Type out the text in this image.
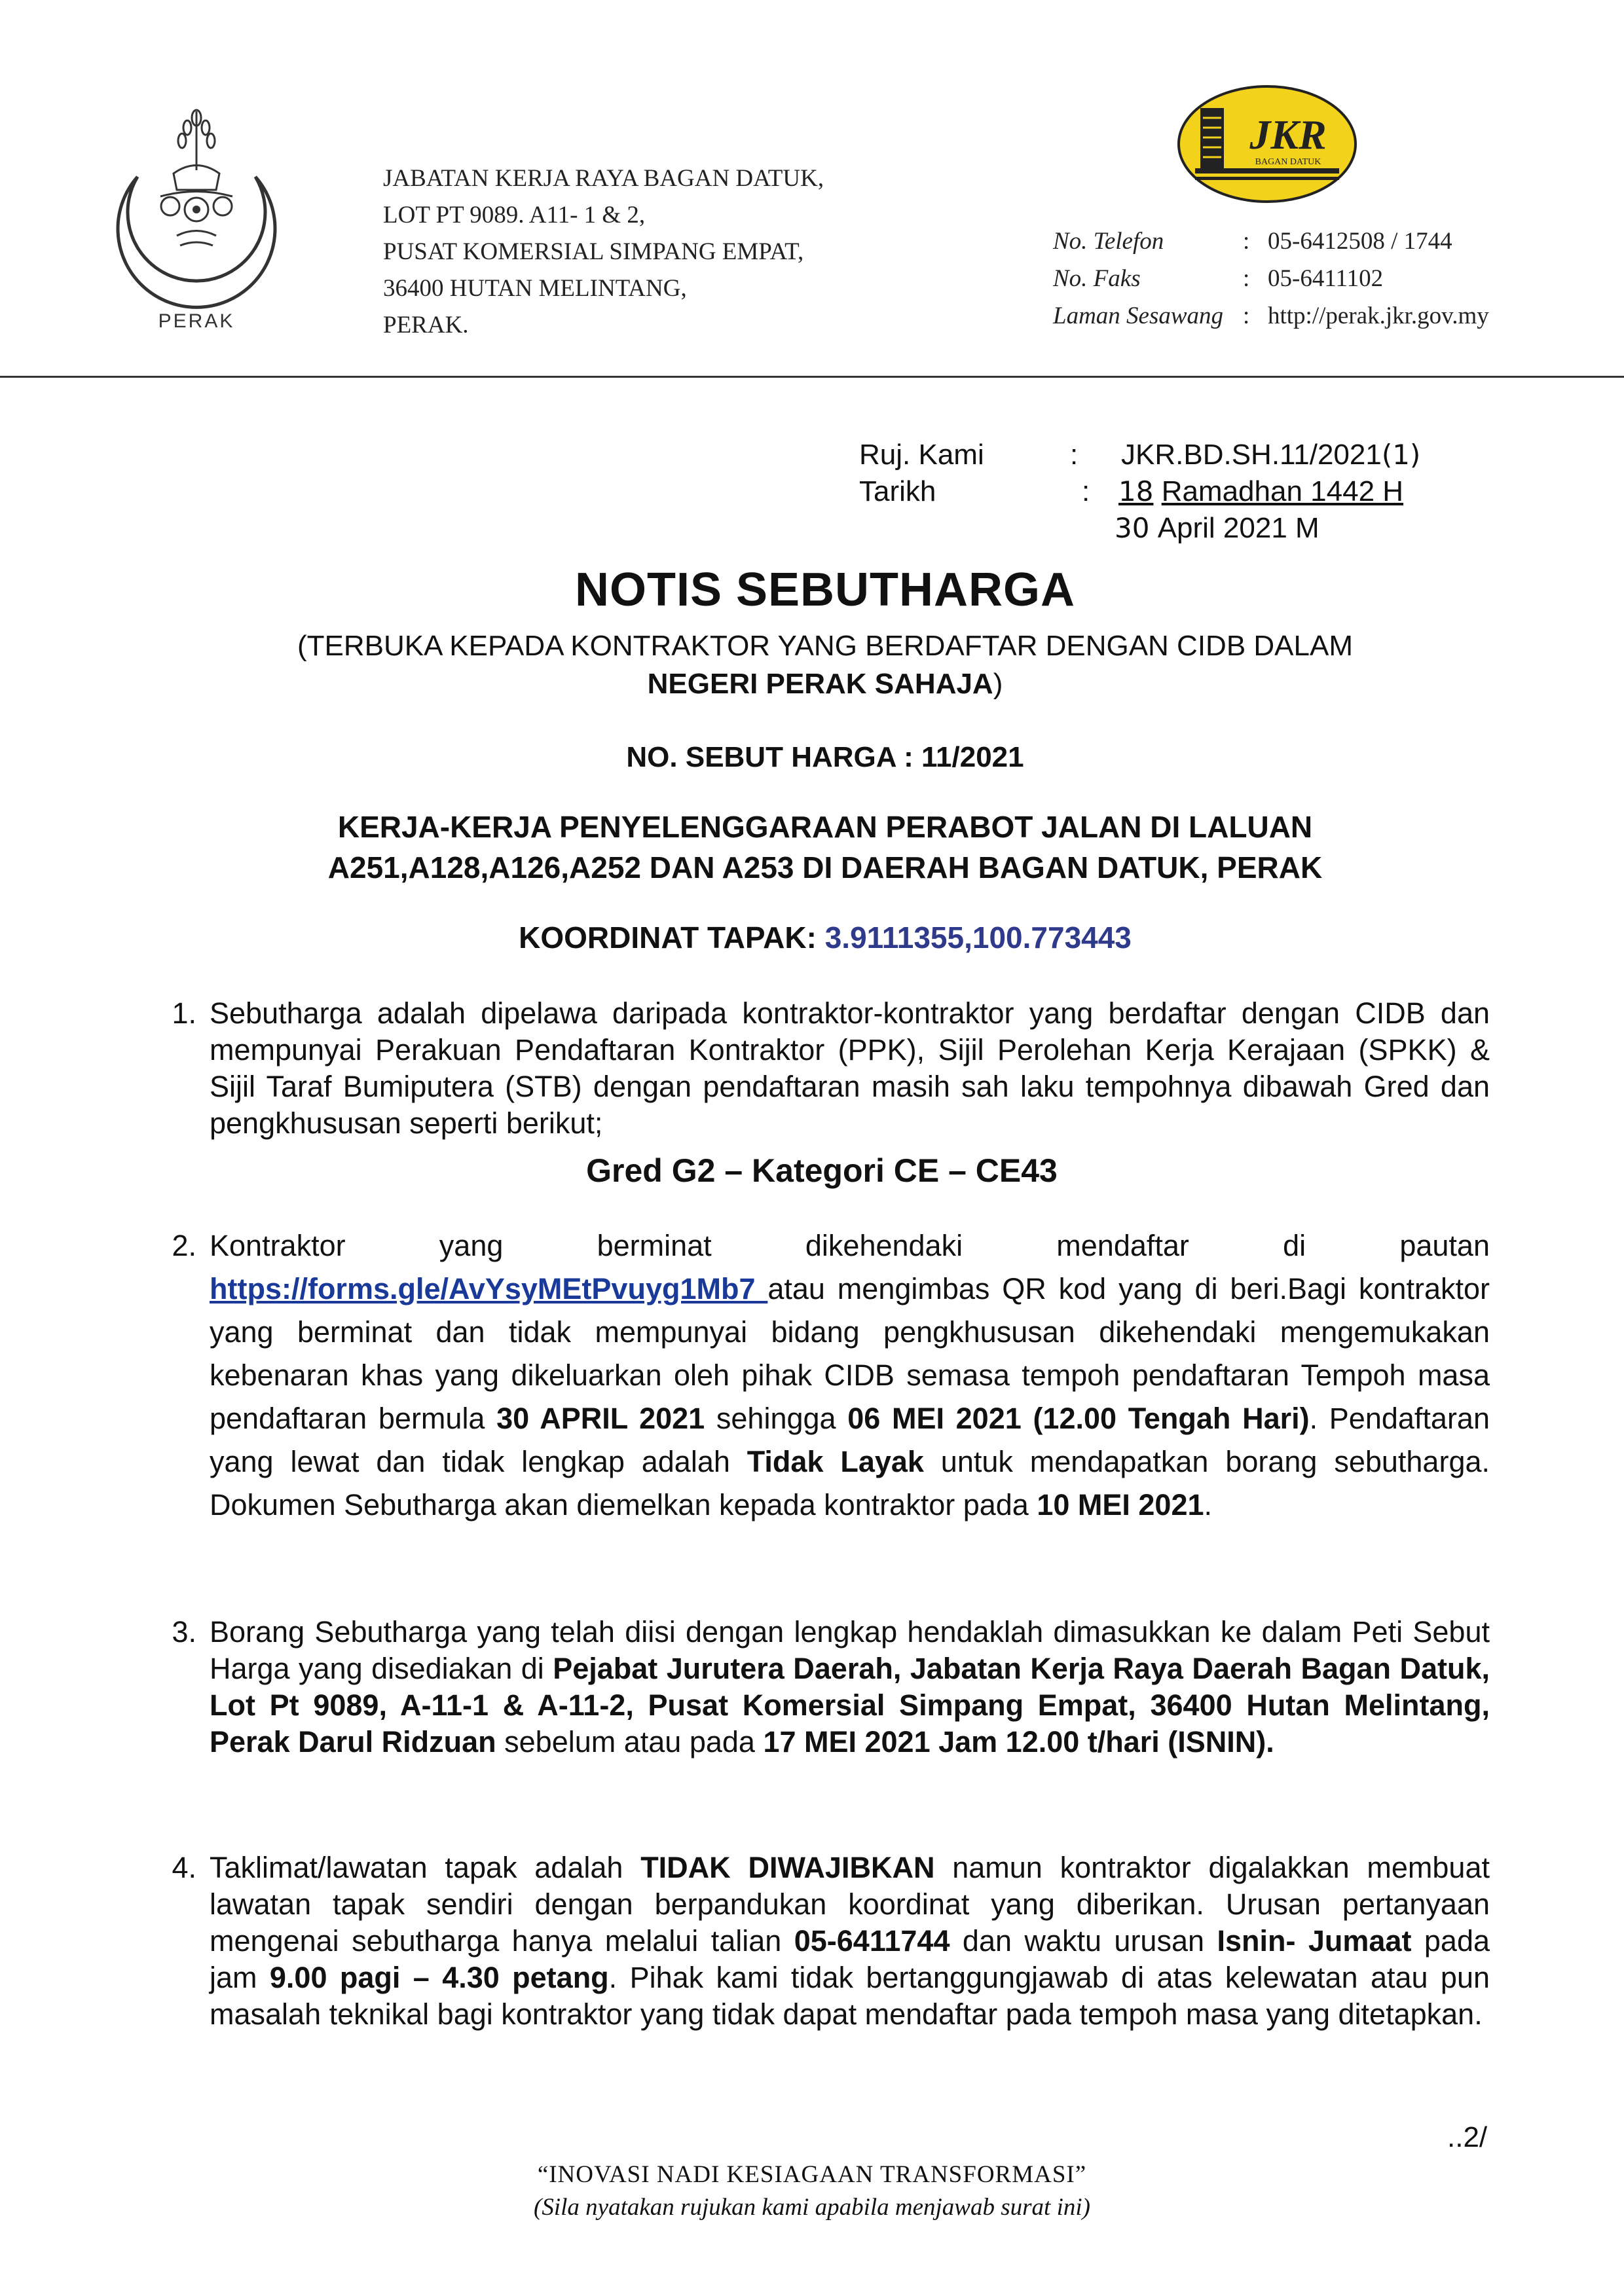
PERAK
JABATAN KERJA RAYA BAGAN DATUK,
LOT PT 9089. A11- 1 & 2,
PUSAT KOMERSIAL SIMPANG EMPAT,
36400 HUTAN MELINTANG,
PERAK.
JKR
BAGAN DATUK
No. Telefon	: 05-6412508 / 1744
No. Faks	: 05-6411102
Laman Sesawang : http://perak.jkr.gov.my
Ruj. Kami	: JKR.BD.SH.11/2021(1)
Tarikh	: 18 Ramadhan 1442 H
30 April 2021 M
NOTIS SEBUTHARGA
(TERBUKA KEPADA KONTRAKTOR YANG BERDAFTAR DENGAN CIDB DALAM
NEGERI PERAK SAHAJA)
NO. SEBUT HARGA : 11/2021
KERJA-KERJA PENYELENGGARAAN PERABOT JALAN DI LALUAN
A251,A128,A126,A252 DAN A253 DI DAERAH BAGAN DATUK, PERAK
KOORDINAT TAPAK: 3.9111355,100.773443
1. Sebutharga adalah dipelawa daripada kontraktor-kontraktor yang berdaftar dengan CIDB dan mempunyai Perakuan Pendaftaran Kontraktor (PPK), Sijil Perolehan Kerja Kerajaan (SPKK) & Sijil Taraf Bumiputera (STB) dengan pendaftaran masih sah laku tempohnya dibawah Gred dan pengkhususan seperti berikut;
Gred G2 – Kategori CE – CE43
2. Kontraktor yang berminat dikehendaki mendaftar di pautan https://forms.gle/AvYsyMEtPvuyg1Mb7 atau mengimbas QR kod yang di beri.Bagi kontraktor yang berminat dan tidak mempunyai bidang pengkhususan dikehendaki mengemukakan kebenaran khas yang dikeluarkan oleh pihak CIDB semasa tempoh pendaftaran Tempoh masa pendaftaran bermula 30 APRIL 2021 sehingga 06 MEI 2021 (12.00 Tengah Hari). Pendaftaran yang lewat dan tidak lengkap adalah Tidak Layak untuk mendapatkan borang sebutharga. Dokumen Sebutharga akan diemelkan kepada kontraktor pada 10 MEI 2021.
3. Borang Sebutharga yang telah diisi dengan lengkap hendaklah dimasukkan ke dalam Peti Sebut Harga yang disediakan di Pejabat Jurutera Daerah, Jabatan Kerja Raya Daerah Bagan Datuk, Lot Pt 9089, A-11-1 & A-11-2, Pusat Komersial Simpang Empat, 36400 Hutan Melintang, Perak Darul Ridzuan sebelum atau pada 17 MEI 2021 Jam 12.00 t/hari (ISNIN).
4. Taklimat/lawatan tapak adalah TIDAK DIWAJIBKAN namun kontraktor digalakkan membuat lawatan tapak sendiri dengan berpandukan koordinat yang diberikan. Urusan pertanyaan mengenai sebutharga hanya melalui talian 05-6411744 dan waktu urusan Isnin- Jumaat pada jam 9.00 pagi – 4.30 petang. Pihak kami tidak bertanggungjawab di atas kelewatan atau pun masalah teknikal bagi kontraktor yang tidak dapat mendaftar pada tempoh masa yang ditetapkan.
..2/
“INOVASI NADI KESIAGAAN TRANSFORMASI”
(Sila nyatakan rujukan kami apabila menjawab surat ini)
